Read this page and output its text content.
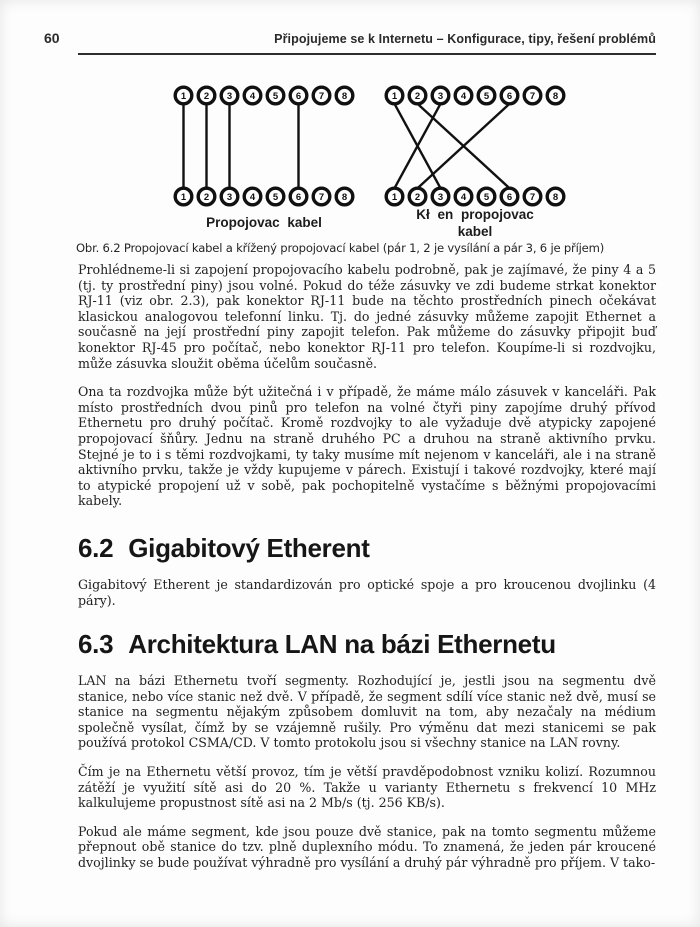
60	Připojujeme se k Internetu – Konfigurace, tipy, řešení problémů
1 2 3 4 5 6 7 8
1 2 3 4 5 6 7 8
1 2 3 4 5 6 7 8
1 2 3 4 5 6 7 8
Propojovac kabel
Kł en propojovac
kabel
Obr. 6.2 Propojovací kabel a křížený propojovací kabel (pár 1, 2 je vysílání a pár 3, 6 je příjem)

Prohlédneme-li si zapojení propojovacího kabelu podrobně, pak je zajímavé, že piny 4 a 5 (tj. ty prostřední piny) jsou volné. Pokud do téže zásuvky ve zdi budeme strkat konektor RJ-11 (viz obr. 2.3), pak konektor RJ-11 bude na těchto prostředních pinech očekávat klasickou analogovou telefonní linku. Tj. do jedné zásuvky můžeme zapojit Ethernet a současně na její prostřední piny zapojit telefon. Pak můžeme do zásuvky připojit buď konektor RJ-45 pro počítač, nebo konektor RJ-11 pro telefon. Koupíme-li si rozdvojku, může zásuvka sloužit oběma účelům současně.

Ona ta rozdvojka může být užitečná i v případě, že máme málo zásuvek v kanceláři. Pak místo prostředních dvou pinů pro telefon na volné čtyři piny zapojíme druhý přívod Ethernetu pro druhý počítač. Kromě rozdvojky to ale vyžaduje dvě atypicky zapojené propojovací šňůry. Jednu na straně druhého PC a druhou na straně aktivního prvku. Stejné je to i s těmi rozdvojkami, ty taky musíme mít nejenom v kanceláři, ale i na straně aktivního prvku, takže je vždy kupujeme v párech. Existují i takové rozdvojky, které mají to atypické propojení už v sobě, pak pochopitelně vystačíme s běžnými propojovacími kabely.

6.2 Gigabitový Etherent

Gigabitový Etherent je standardizován pro optické spoje a pro kroucenou dvojlinku (4 páry).

6.3 Architektura LAN na bázi Ethernetu

LAN na bázi Ethernetu tvoří segmenty. Rozhodující je, jestli jsou na segmentu dvě stanice, nebo více stanic než dvě. V případě, že segment sdílí více stanic než dvě, musí se stanice na segmentu nějakým způsobem domluvit na tom, aby nezačaly na médium společně vysílat, čímž by se vzájemně rušily. Pro výměnu dat mezi stanicemi se pak používá protokol CSMA/CD. V tomto protokolu jsou si všechny stanice na LAN rovny.

Čím je na Ethernetu větší provoz, tím je větší pravděpodobnost vzniku kolizí. Rozumnou zátěží je využití sítě asi do 20 %. Takže u varianty Ethernetu s frekvencí 10 MHz kalkulujeme propustnost sítě asi na 2 Mb/s (tj. 256 KB/s).

Pokud ale máme segment, kde jsou pouze dvě stanice, pak na tomto segmentu můžeme přepnout obě stanice do tzv. plně duplexního módu. To znamená, že jeden pár kroucené dvojlinky se bude používat výhradně pro vysílání a druhý pár výhradně pro příjem. V tako-
